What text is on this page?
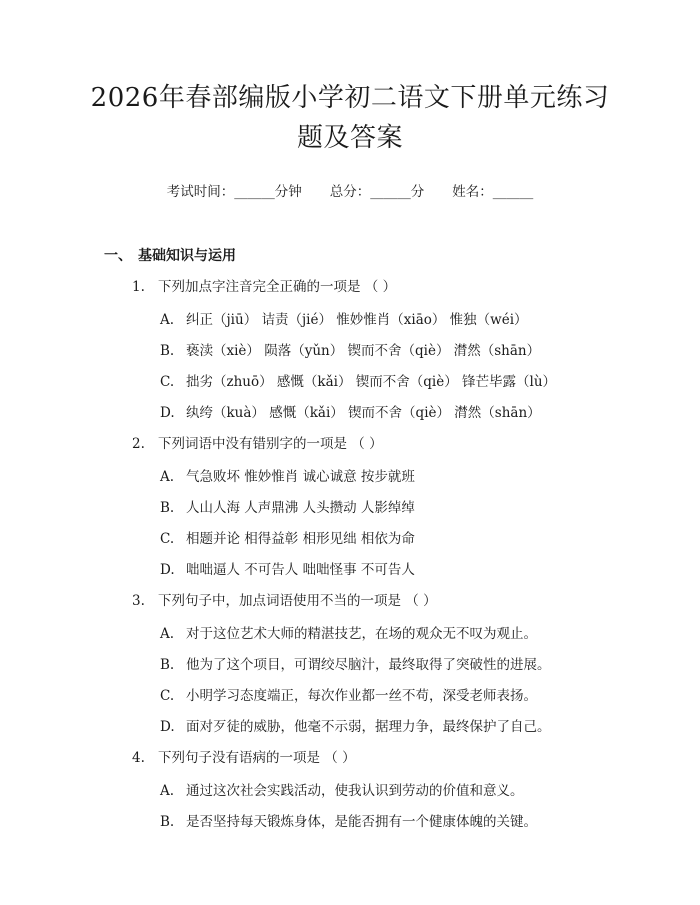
2026年春部编版小学初二语文下册单元练习题及答案
考试时间：______分钟 总分：______分 姓名：______
一、 基础知识与运用
1. 下列加点字注音完全正确的一项是 （ ）
A. 纠正（jiū） 诘责（jié） 惟妙惟肖（xiāo） 惟独（wéi）
B. 亵渎（xiè） 陨落（yǔn） 锲而不舍（qiè） 潸然（shān）
C. 拙劣（zhuō） 感慨（kǎi） 锲而不舍（qiè） 锋芒毕露（lù）
D. 纨绔（kuà） 感慨（kǎi） 锲而不舍（qiè） 潸然（shān）
2. 下列词语中没有错别字的一项是 （ ）
A. 气急败坏 惟妙惟肖 诚心诚意 按步就班
B. 人山人海 人声鼎沸 人头攒动 人影绰绰
C. 相题并论 相得益彰 相形见绌 相依为命
D. 咄咄逼人 不可告人 咄咄怪事 不可告人
3. 下列句子中，加点词语使用不当的一项是 （ ）
A. 对于这位艺术大师的精湛技艺，在场的观众无不叹为观止。
B. 他为了这个项目，可谓绞尽脑汁，最终取得了突破性的进展。
C. 小明学习态度端正，每次作业都一丝不苟，深受老师表扬。
D. 面对歹徒的威胁，他毫不示弱，据理力争，最终保护了自己。
4. 下列句子没有语病的一项是 （ ）
A. 通过这次社会实践活动，使我认识到劳动的价值和意义。
B. 是否坚持每天锻炼身体，是能否拥有一个健康体魄的关键。
